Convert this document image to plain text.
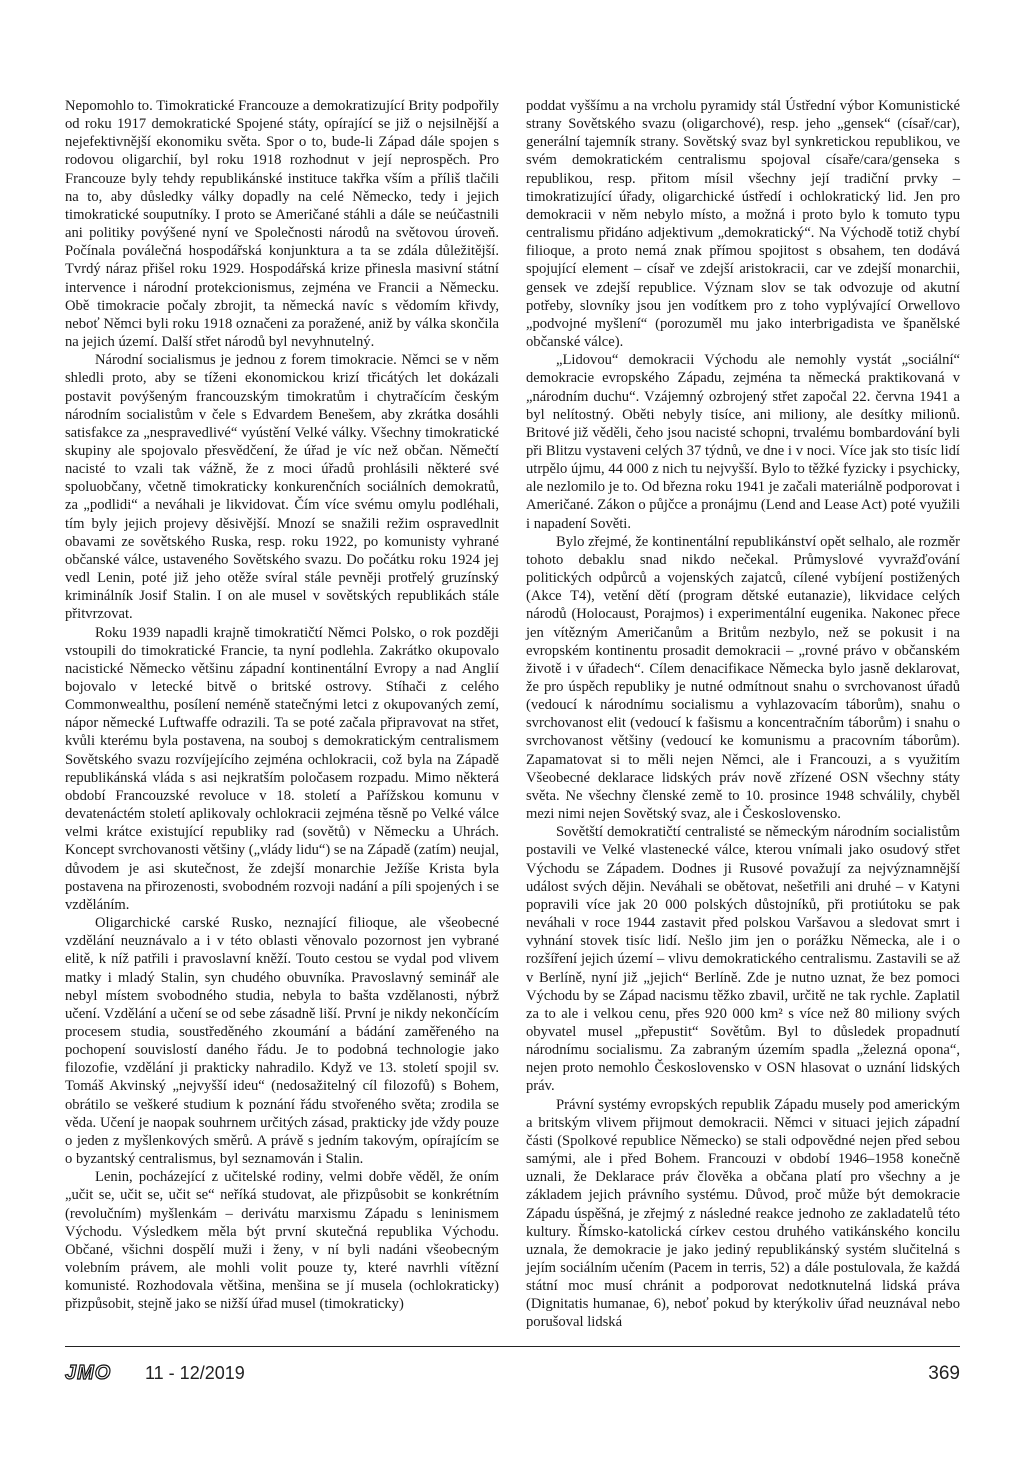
Nepomohlo to. Timokratické Francouze a demokratizující Brity podpořily od roku 1917 demokratické Spojené státy, opírající se již o nejsilnější a nejefektivnější ekonomiku světa. Spor o to, bude-li Západ dále spojen s rodovou oligarchií, byl roku 1918 rozhodnut v její neprospěch. Pro Francouze byly tehdy republikánské instituce takřka vším a příliš tlačili na to, aby důsledky války dopadly na celé Německo, tedy i jejich timokratické souputníky. I proto se Američané stáhli a dále se neúčastnili ani politiky povýšené nyní ve Společnosti národů na světovou úroveň. Počínala poválečná hospodářská konjunktura a ta se zdála důležitější. Tvrdý náraz přišel roku 1929. Hospodářská krize přinesla masivní státní intervence i národní protekcionismus, zejména ve Francii a Německu. Obě timokracie počaly zbrojit, ta německá navíc s vědomím křivdy, neboť Němci byli roku 1918 označeni za poražené, aniž by válka skončila na jejich území. Další střet národů byl nevyhnutelný.

Národní socialismus je jednou z forem timokracie. Němci se v něm shledli proto, aby se tíženi ekonomickou krizí třicátých let dokázali postavit povýšeným francouzským timokratům i chytračícím českým národním socialistům v čele s Edvardem Benešem, aby zkrátka dosáhli satisfakce za „nespravedlivé“ vyústění Velké války. Všechny timokratické skupiny ale spojovalo přesvědčení, že úřad je víc než občan. Němečtí nacisté to vzali tak vážně, že z moci úřadů prohlásili některé své spoluobčany, včetně timokraticky konkurenčních sociálních demokratů, za „podlidi“ a neváhali je likvidovat. Čím více svému omylu podléhali, tím byly jejich projevy děsivější. Mnozí se snažili režim ospravedlnit obavami ze sovětského Ruska, resp. roku 1922, po komunisty vyhrané občanské válce, ustaveného Sovětského svazu. Do počátku roku 1924 jej vedl Lenin, poté již jeho otěže svíral stále pevněji protřelý gruzínský kriminálník Josif Stalin. I on ale musel v sovětských republikách stále přitvrzovat.

Roku 1939 napadli krajně timokratičtí Němci Polsko, o rok později vstoupili do timokratické Francie, ta nyní podlehla. Zakrátko okupovalo nacistické Německo většinu západní kontinentální Evropy a nad Anglií bojovalo v letecké bitvě o britské ostrovy. Stíhači z celého Commonwealthu, posílení neméně statečnými letci z okupovaných zemí, nápor německé Luftwaffe odrazili. Ta se poté začala připravovat na střet, kvůli kterému byla postavena, na souboj s demokratickým centralismem Sovětského svazu rozvíjejícího zejména ochlokracii, což byla na Západě republikánská vláda s asi nejkratším poločasem rozpadu. Mimo některá období Francouzské revoluce v 18. století a Pařížskou komunu v devatenáctém století aplikovaly ochlokracii zejména těsně po Velké válce velmi krátce existující republiky rad (sovětů) v Německu a Uhrách. Koncept svrchovanosti většiny („vlády lidu“) se na Západě (zatím) neujal, důvodem je asi skutečnost, že zdejší monarchie Ježíše Krista byla postavena na přirozenosti, svobodném rozvoji nadání a píli spojených i se vzděláním.

Oligarchické carské Rusko, neznající filioque, ale všeobecné vzdělání neuznávalo a i v této oblasti věnovalo pozornost jen vybrané elitě, k níž patřili i pravoslavní kněží. Touto cestou se vydal pod vlivem matky i mladý Stalin, syn chudého obuvníka. Pravoslavný seminář ale nebyl místem svobodného studia, nebyla to bašta vzdělanosti, nýbrž učení. Vzdělání a učení se od sebe zásadně liší. První je nikdy nekončícím procesem studia, soustředěného zkoumání a bádání zaměřeného na pochopení souvislostí daného řádu. Je to podobná technologie jako filozofie, vzdělání ji prakticky nahradilo. Když ve 13. století spojil sv. Tomáš Akvinský „nejvyšší ideu“ (nedosažitelný cíl filozofů) s Bohem, obrátilo se veškeré studium k poznání řádu stvořeného světa; zrodila se věda. Učení je naopak souhrnem určitých zásad, prakticky jde vždy pouze o jeden z myšlenkových směrů. A právě s jedním takovým, opírajícím se o byzantský centralismus, byl seznamován i Stalin.

Lenin, pocházející z učitelské rodiny, velmi dobře věděl, že oním „učit se, učit se, učit se“ neříká studovat, ale přizpůsobit se konkrétním (revolučním) myšlenkám – derivátu marxismu Západu s leninismem Východu. Výsledkem měla být první skutečná republika Východu. Občané, všichni dospělí muži i ženy, v ní byli nadáni všeobecným volebním právem, ale mohli volit pouze ty, které navrhli vítězní komunisté. Rozhodovala většina, menšina se jí musela (ochlokraticky) přizpůsobit, stejně jako se nižší úřad musel (timokraticky)

poddat vyššímu a na vrcholu pyramidy stál Ústřední výbor Komunistické strany Sovětského svazu (oligarchové), resp. jeho „gensek“ (císař/car), generální tajemník strany. Sovětský svaz byl synkretickou republikou, ve svém demokratickém centralismu spojoval císaře/cara/genseka s republikou, resp. přitom mísil všechny její tradiční prvky – timokratizující úřady, oligarchické ústředí i ochlokratický lid. Jen pro demokracii v něm nebylo místo, a možná i proto bylo k tomuto typu centralismu přidáno adjektivum „demokratický“. Na Východě totiž chybí filioque, a proto nemá znak přímou spojitost s obsahem, ten dodává spojující element – císař ve zdejší aristokracii, car ve zdejší monarchii, gensek ve zdejší republice. Význam slov se tak odvozuje od akutní potřeby, slovníky jsou jen vodítkem pro z toho vyplývající Orwellovo „podvojné myšlení“ (porozuměl mu jako interbrigadista ve španělské občanské válce).

„Lidovou“ demokracii Východu ale nemohly vystát „sociální“ demokracie evropského Západu, zejména ta německá praktikovaná v „národním duchu“. Vzájemný ozbrojený střet započal 22. června 1941 a byl nelítostný. Oběti nebyly tisíce, ani miliony, ale desítky milionů. Britové již věděli, čeho jsou nacisté schopni, trvalému bombardování byli při Blitzu vystaveni celých 37 týdnů, ve dne i v noci. Více jak sto tisíc lidí utrpělo újmu, 44 000 z nich tu nejvyšší. Bylo to těžké fyzicky i psychicky, ale nezlomilo je to. Od března roku 1941 je začali materiálně podporovat i Američané. Zákon o půjčce a pronájmu (Lend and Lease Act) poté využili i napadení Sověti.

Bylo zřejmé, že kontinentální republikánství opět selhalo, ale rozměr tohoto debaklu snad nikdo nečekal. Průmyslové vyvražďování politických odpůrců a vojenských zajatců, cílené vybíjení postižených (Akce T4), vetění dětí (program dětské eutanazie), likvidace celých národů (Holocaust, Porajmos) i experimentální eugenika. Nakonec přece jen vítězným Američanům a Britům nezbylo, než se pokusit i na evropském kontinentu prosadit demokracii – „rovné právo v občanském životě i v úřadech“. Cílem denacifikace Německa bylo jasně deklarovat, že pro úspěch republiky je nutné odmítnout snahu o svrchovanost úřadů (vedoucí k národnímu socialismu a vyhlazovacím táborům), snahu o svrchovanost elit (vedoucí k fašismu a koncentračním táborům) i snahu o svrchovanost většiny (vedoucí ke komunismu a pracovním táborům). Zapamatovat si to měli nejen Němci, ale i Francouzi, a s využitím Všeobecné deklarace lidských práv nově zřízené OSN všechny státy světa. Ne všechny členské země to 10. prosince 1948 schválily, chyběl mezi nimi nejen Sovětský svaz, ale i Československo.

Sovětští demokratičtí centralisté se německým národním socialistům postavili ve Velké vlastenecké válce, kterou vnímali jako osudový střet Východu se Západem. Dodnes ji Rusové považují za nejvýznamnější událost svých dějin. Neváhali se obětovat, nešetřili ani druhé – v Katyni popravili více jak 20 000 polských důstojníků, při protiútoku se pak neváhali v roce 1944 zastavit před polskou Varšavou a sledovat smrt i vyhnání stovek tisíc lidí. Nešlo jim jen o porážku Německa, ale i o rozšíření jejich území – vlivu demokratického centralismu. Zastavili se až v Berlíně, nyní již „jejich“ Berlíně. Zde je nutno uznat, že bez pomoci Východu by se Západ nacismu těžko zbavil, určitě ne tak rychle. Zaplatil za to ale i velkou cenu, přes 920 000 km² s více než 80 miliony svých obyvatel musel „přepustit“ Sovětům. Byl to důsledek propadnutí národnímu socialismu. Za zabraným územím spadla „železná opona“, nejen proto nemohlo Československo v OSN hlasovat o uznání lidských práv.

Právní systémy evropských republik Západu musely pod americkým a britským vlivem přijmout demokracii. Němci v situaci jejich západní části (Spolkové republice Německo) se stali odpovědné nejen před sebou samými, ale i před Bohem. Francouzi v období 1946–1958 konečně uznali, že Deklarace práv člověka a občana platí pro všechny a je základem jejich právního systému. Důvod, proč může být demokracie Západu úspěšná, je zřejmý z následné reakce jednoho ze zakladatelů této kultury. Římsko-katolická církev cestou druhého vatikánského koncilu uznala, že demokracie je jako jediný republikánský systém slučitelná s jejím sociálním učením (Pacem in terris, 52) a dále postulovala, že každá státní moc musí chránit a podporovat nedotknutelná lidská práva (Dignitatis humanae, 6), neboť pokud by kterýkoliv úřad neuznával nebo porušoval lidská

JMO 11 - 12/2019	369
